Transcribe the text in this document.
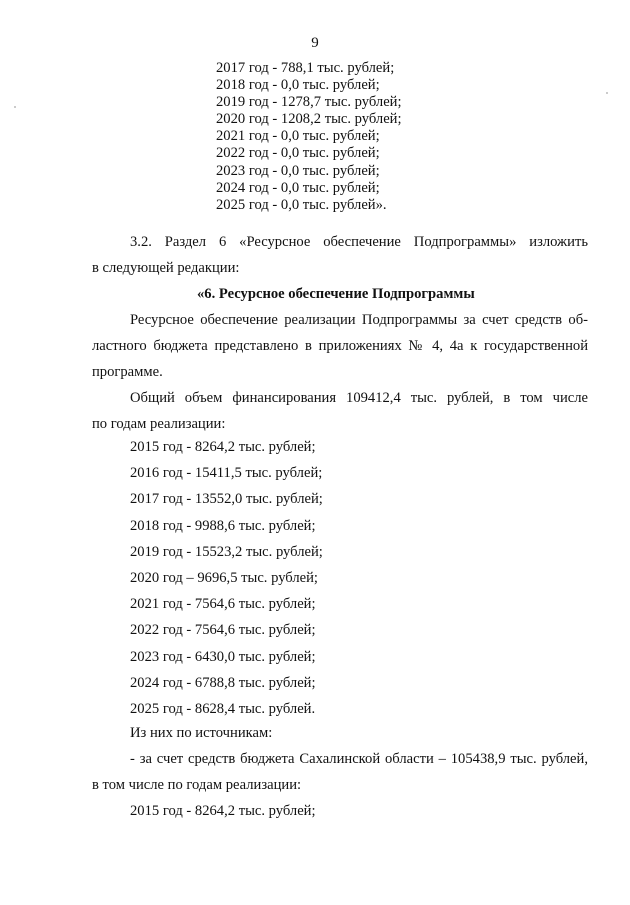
9
2017 год - 788,1 тыс. рублей;
2018 год - 0,0 тыс. рублей;
2019 год - 1278,7 тыс. рублей;
2020 год - 1208,2 тыс. рублей;
2021 год - 0,0 тыс. рублей;
2022 год - 0,0 тыс. рублей;
2023 год - 0,0 тыс. рублей;
2024 год - 0,0 тыс. рублей;
2025 год - 0,0 тыс. рублей».
3.2. Раздел 6 «Ресурсное обеспечение Подпрограммы» изложить
в следующей редакции:
«6. Ресурсное обеспечение Подпрограммы
Ресурсное обеспечение реализации Подпрограммы за счет средств об-
ластного бюджета представлено в приложениях № 4, 4а к государственной
программе.
Общий объем финансирования 109412,4 тыс. рублей, в том числе
по годам реализации:
2015 год - 8264,2 тыс. рублей;
2016 год - 15411,5 тыс. рублей;
2017 год - 13552,0 тыс. рублей;
2018 год - 9988,6 тыс. рублей;
2019 год - 15523,2 тыс. рублей;
2020 год – 9696,5 тыс. рублей;
2021 год - 7564,6 тыс. рублей;
2022 год - 7564,6 тыс. рублей;
2023 год - 6430,0 тыс. рублей;
2024 год - 6788,8 тыс. рублей;
2025 год - 8628,4 тыс. рублей.
Из них по источникам:
- за счет средств бюджета Сахалинской области – 105438,9 тыс. рублей,
в том числе по годам реализации:
2015 год - 8264,2 тыс. рублей;
